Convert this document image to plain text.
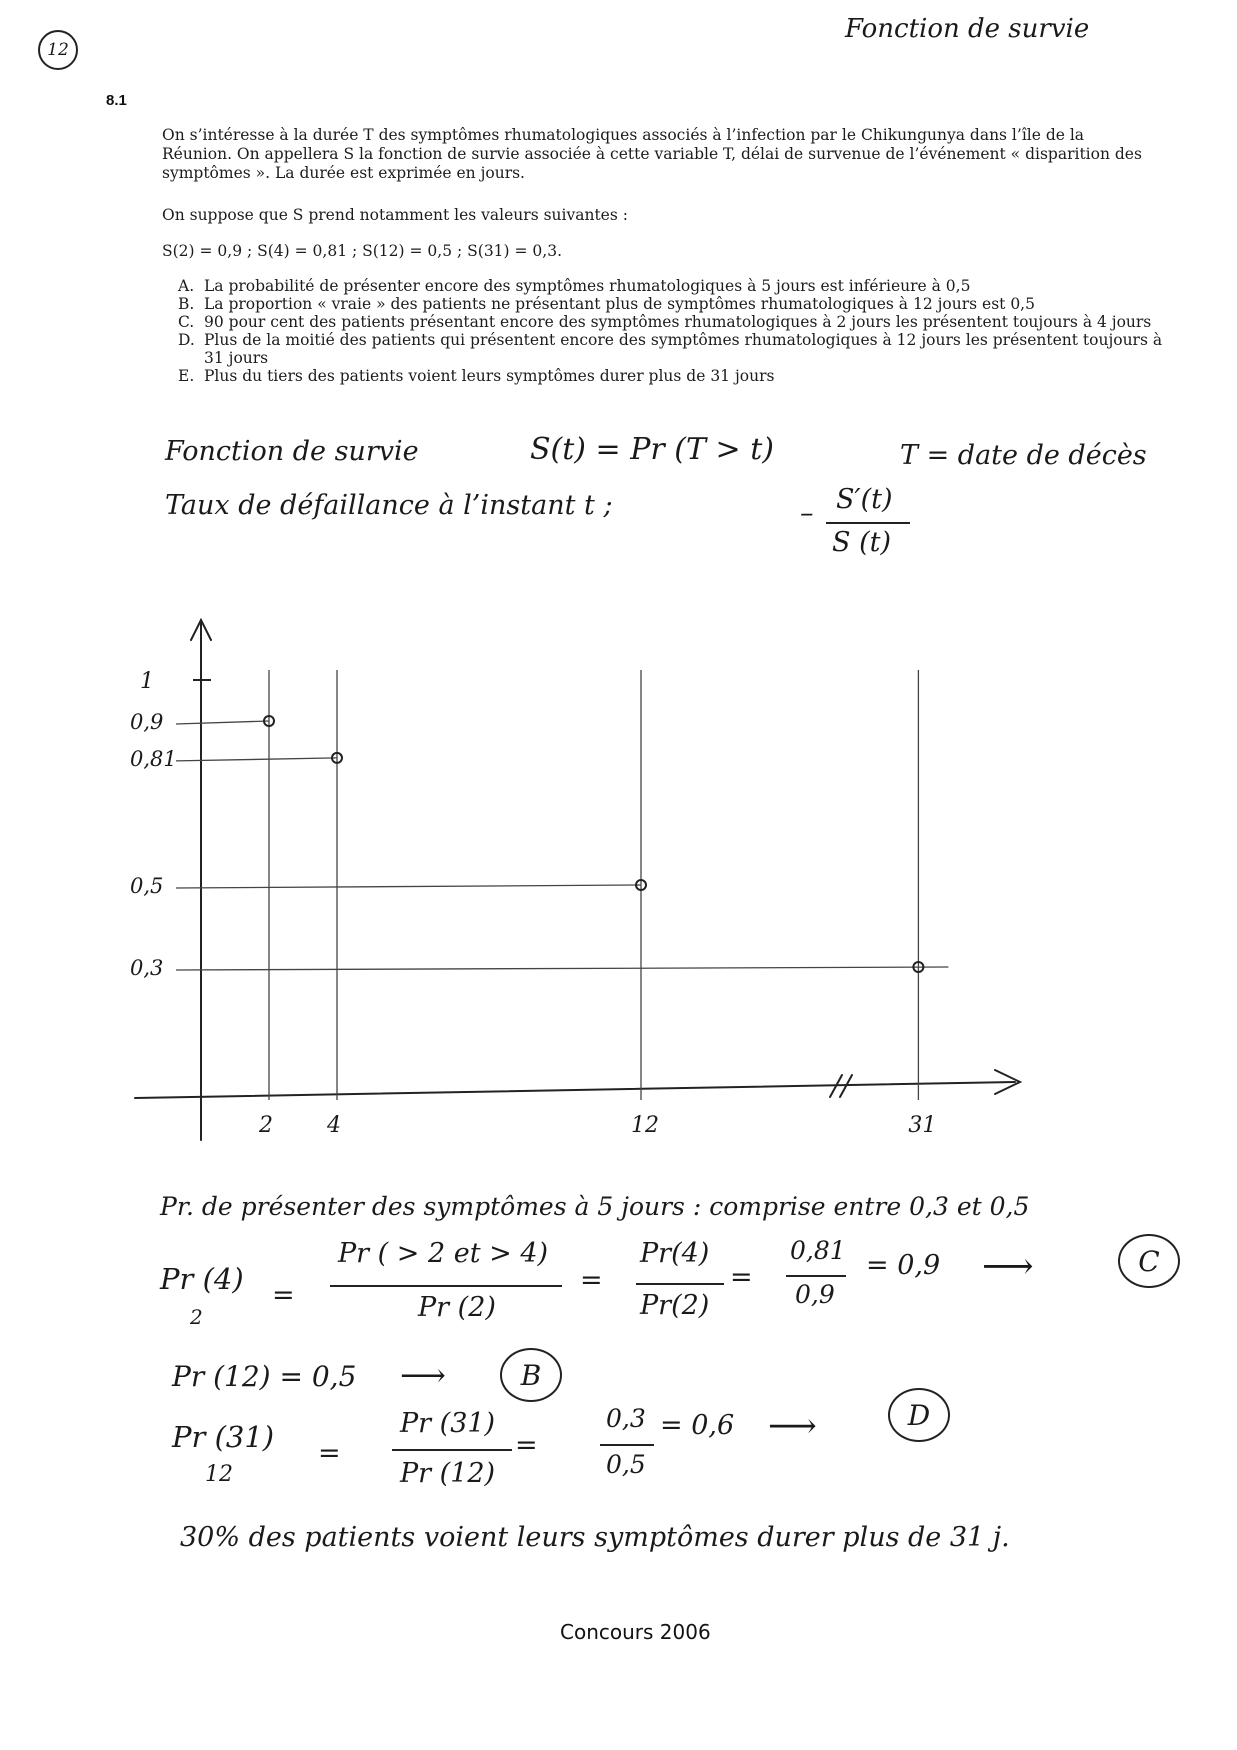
12
Fonction de survie
8.1
On s’intéresse à la durée T des symptômes rhumatologiques associés à l’infection par le Chikungunya dans l’île de la Réunion. On appellera S la fonction de survie associée à cette variable T, délai de survenue de l’événement « disparition des symptômes ». La durée est exprimée en jours.
On suppose que S prend notamment les valeurs suivantes :
S(2) = 0,9 ; S(4) = 0,81 ; S(12) = 0,5 ; S(31) = 0,3.
A. La probabilité de présenter encore des symptômes rhumatologiques à 5 jours est inférieure à 0,5
B. La proportion « vraie » des patients ne présentant plus de symptômes rhumatologiques à 12 jours est 0,5
C. 90 pour cent des patients présentant encore des symptômes rhumatologiques à 2 jours les présentent toujours à 4 jours
D. Plus de la moitié des patients qui présentent encore des symptômes rhumatologiques à 12 jours les présentent toujours à 31 jours
E. Plus du tiers des patients voient leurs symptômes durer plus de 31 jours
Fonction de survie	S(t) = Pr (T > t)	T = date de décès
Taux de défaillance à l’instant t ;	– S′(t)
S (t)
1
0,9
2
0,81
4
0,5
12
0,3
31
Pr. de présenter des symptômes à 5 jours : comprise entre 0,3 et 0,5
Pr (4)
2
=
Pr ( > 2 et > 4)
Pr (2)
=
Pr(4)
Pr(2)
=
0,81
0,9
= 0,9 ⟶	C
Pr (12) = 0,5 ⟶	B
Pr (31)
12
=
Pr (31)
Pr (12)
=
0,3
0,5
= 0,6 ⟶	D
30% des patients voient leurs symptômes durer plus de 31 j.
Concours 2006
